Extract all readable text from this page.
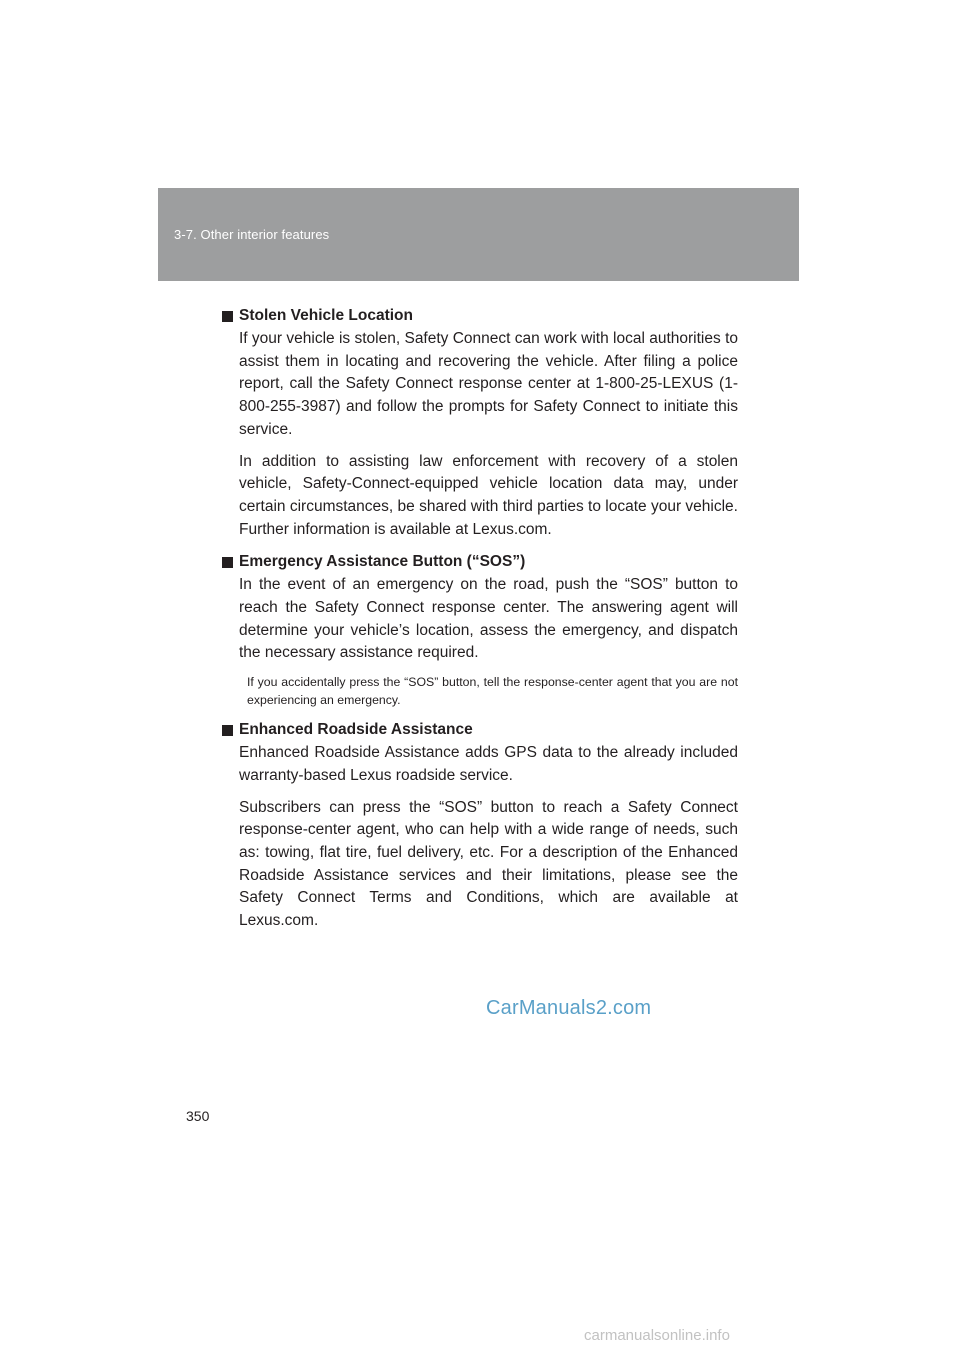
3-7. Other interior features
Stolen Vehicle Location

If your vehicle is stolen, Safety Connect can work with local authorities to assist them in locating and recovering the vehicle. After filing a police report, call the Safety Connect response center at 1-800-25-LEXUS (1-800-255-3987) and follow the prompts for Safety Connect to initiate this service.

In addition to assisting law enforcement with recovery of a stolen vehicle, Safety-Connect-equipped vehicle location data may, under certain circumstances, be shared with third parties to locate your vehicle. Further information is available at Lexus.com.

Emergency Assistance Button (“SOS”)

In the event of an emergency on the road, push the “SOS” button to reach the Safety Connect response center. The answering agent will determine your vehicle’s location, assess the emergency, and dispatch the necessary assistance required.

If you accidentally press the “SOS” button, tell the response-center agent that you are not experiencing an emergency.

Enhanced Roadside Assistance

Enhanced Roadside Assistance adds GPS data to the already included warranty-based Lexus roadside service.

Subscribers can press the “SOS” button to reach a Safety Connect response-center agent, who can help with a wide range of needs, such as: towing, flat tire, fuel delivery, etc. For a description of the Enhanced Roadside Assistance services and their limitations, please see the Safety Connect Terms and Conditions, which are available at Lexus.com.

CarManuals2.com
350
carmanualsonline.info
